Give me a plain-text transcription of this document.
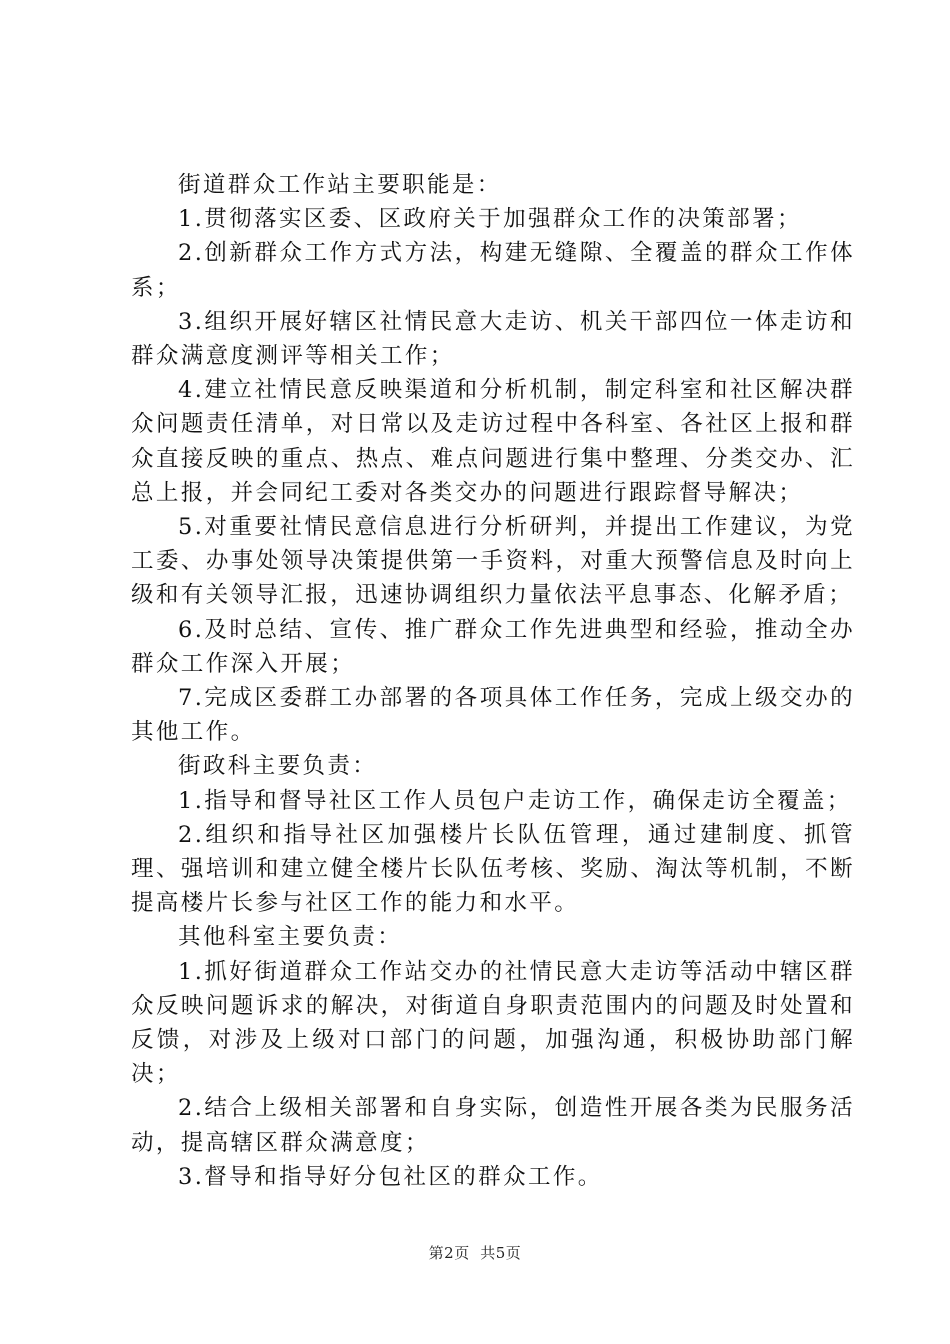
街道群众工作站主要职能是：

1.贯彻落实区委、区政府关于加强群众工作的决策部署；

2.创新群众工作方式方法，构建无缝隙、全覆盖的群众工作体系；

3.组织开展好辖区社情民意大走访、机关干部四位一体走访和群众满意度测评等相关工作；

4.建立社情民意反映渠道和分析机制，制定科室和社区解决群众问题责任清单，对日常以及走访过程中各科室、各社区上报和群众直接反映的重点、热点、难点问题进行集中整理、分类交办、汇总上报，并会同纪工委对各类交办的问题进行跟踪督导解决；

5.对重要社情民意信息进行分析研判，并提出工作建议，为党工委、办事处领导决策提供第一手资料，对重大预警信息及时向上级和有关领导汇报，迅速协调组织力量依法平息事态、化解矛盾；

6.及时总结、宣传、推广群众工作先进典型和经验，推动全办群众工作深入开展；

7.完成区委群工办部署的各项具体工作任务，完成上级交办的其他工作。

街政科主要负责：

1.指导和督导社区工作人员包户走访工作，确保走访全覆盖；

2.组织和指导社区加强楼片长队伍管理，通过建制度、抓管理、强培训和建立健全楼片长队伍考核、奖励、淘汰等机制，不断提高楼片长参与社区工作的能力和水平。

其他科室主要负责：

1.抓好街道群众工作站交办的社情民意大走访等活动中辖区群众反映问题诉求的解决，对街道自身职责范围内的问题及时处置和反馈，对涉及上级对口部门的问题，加强沟通，积极协助部门解决；

2.结合上级相关部署和自身实际，创造性开展各类为民服务活动，提高辖区群众满意度；

3.督导和指导好分包社区的群众工作。

第2页 共5页
